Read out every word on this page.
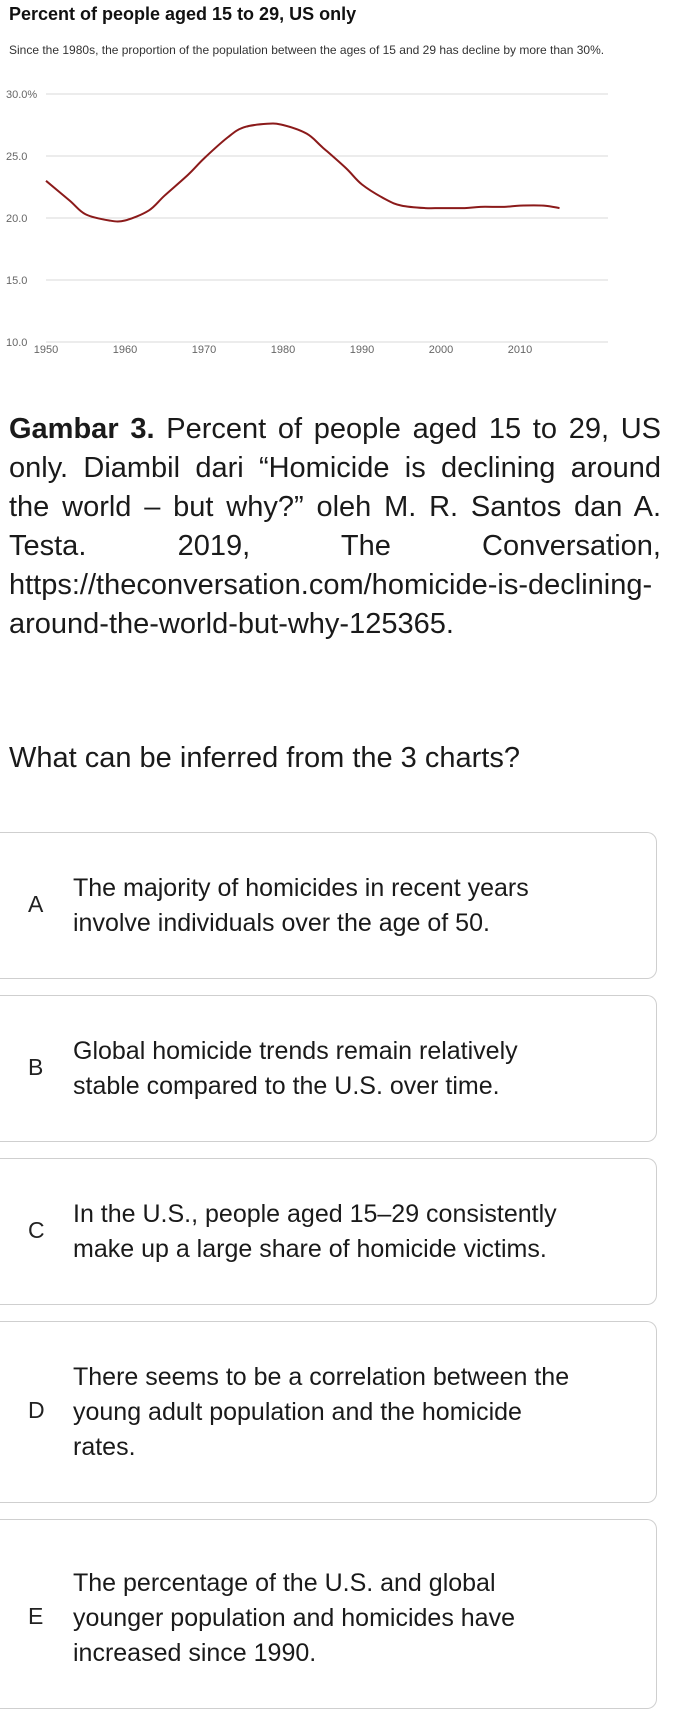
Percent of people aged 15 to 29, US only

Since the 1980s, the proportion of the population between the ages of 15 and 29 has decline by more than 30%.

30.0%
25.0
20.0
15.0
10.0
1950	1960	1970	1980	1990	2000	2010

Gambar 3. Percent of people aged 15 to 29, US only. Diambil dari “Homicide is declining around the world – but why?” oleh M. R. Santos dan A. Testa. 2019, The Conversation, https://theconversation.com/homicide-is-declining-around-the-world-but-why-125365.

What can be inferred from the 3 charts?

A
The majority of homicides in recent years
involve individuals over the age of 50.
B
Global homicide trends remain relatively
stable compared to the U.S. over time.
C
In the U.S., people aged 15–29 consistently
make up a large share of homicide victims.
D
There seems to be a correlation between the
young adult population and the homicide
rates.
E
The percentage of the U.S. and global
younger population and homicides have
increased since 1990.
